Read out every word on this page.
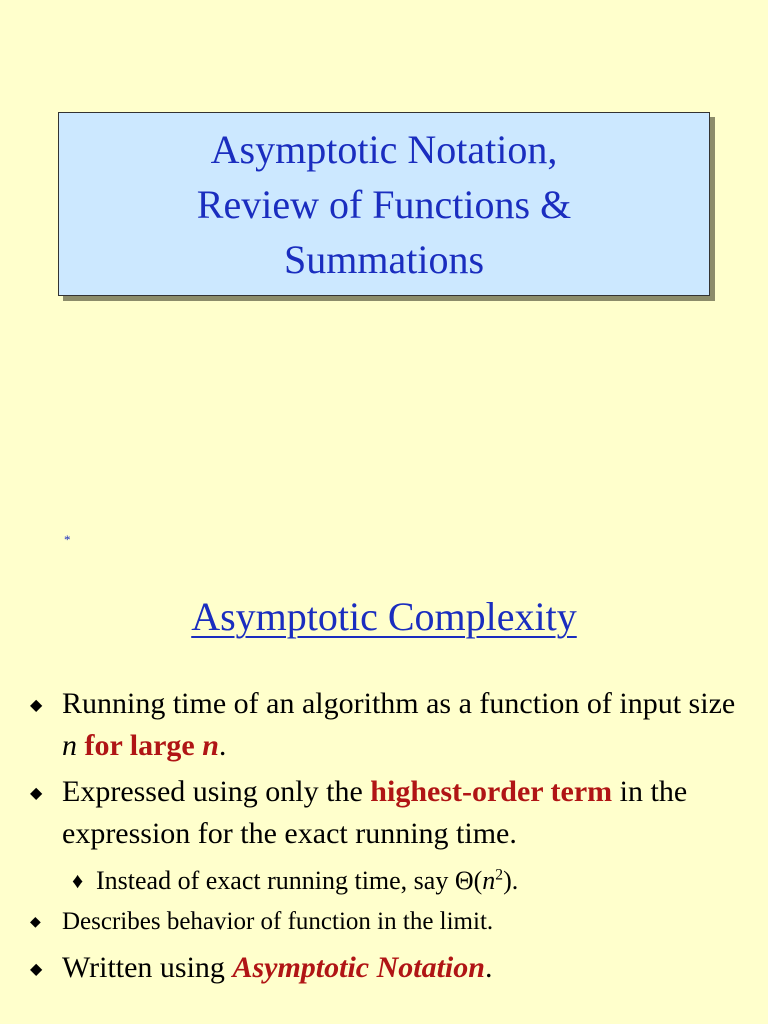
Asymptotic Notation,
Review of Functions &
Summations
*
Asymptotic Complexity
◆ Running time of an algorithm as a function of input size n for large n.
◆ Expressed using only the highest-order term in the expression for the exact running time.
♦ Instead of exact running time, say $\Theta(n^2)$.
◆ Describes behavior of function in the limit.
◆ Written using Asymptotic Notation.
